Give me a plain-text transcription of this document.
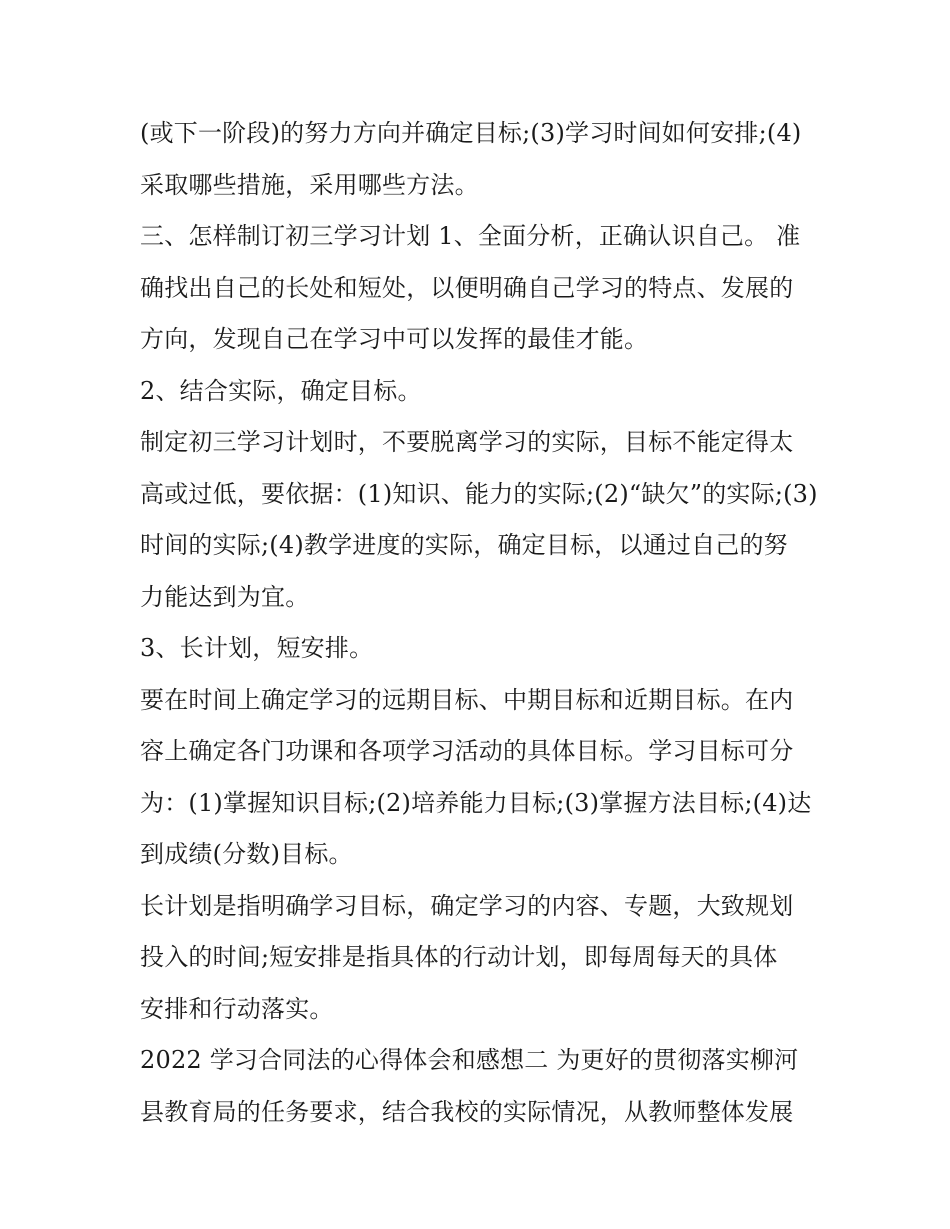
(或下一阶段)的努力方向并确定目标;(3)学习时间如何安排;(4)
采取哪些措施，采用哪些方法。
三、怎样制订初三学习计划 1、全面分析，正确认识自己。 准
确找出自己的长处和短处，以便明确自己学习的特点、发展的
方向，发现自己在学习中可以发挥的最佳才能。
2、结合实际，确定目标。
制定初三学习计划时，不要脱离学习的实际，目标不能定得太
高或过低，要依据：(1)知识、能力的实际;(2)“缺欠”的实际;(3)
时间的实际;(4)教学进度的实际，确定目标，以通过自己的努
力能达到为宜。
3、长计划，短安排。
要在时间上确定学习的远期目标、中期目标和近期目标。在内
容上确定各门功课和各项学习活动的具体目标。学习目标可分
为：(1)掌握知识目标;(2)培养能力目标;(3)掌握方法目标;(4)达
到成绩(分数)目标。
长计划是指明确学习目标，确定学习的内容、专题，大致规划
投入的时间;短安排是指具体的行动计划，即每周每天的具体
安排和行动落实。
2022 学习合同法的心得体会和感想二 为更好的贯彻落实柳河
县教育局的任务要求，结合我校的实际情况，从教师整体发展
